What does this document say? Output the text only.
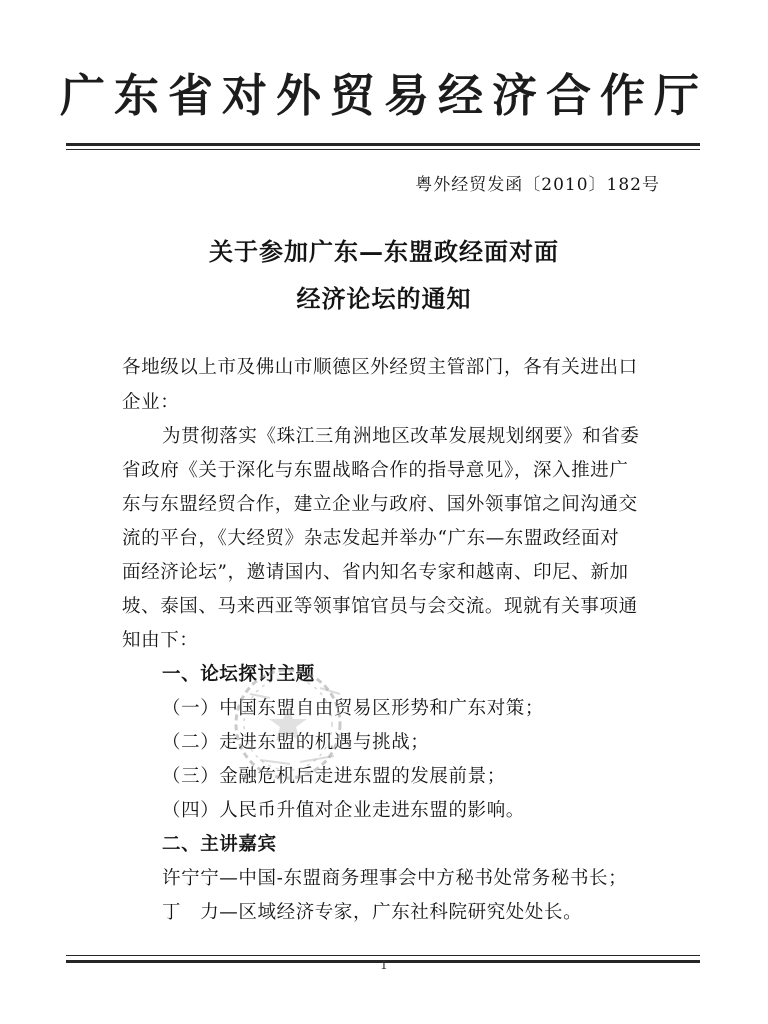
广东省对外贸易经济合作厅
粤外经贸发函〔2010〕182号
关于参加广东—东盟政经面对面
经济论坛的通知
各地级以上市及佛山市顺德区外经贸主管部门，各有关进出口
企业：
为贯彻落实《珠江三角洲地区改革发展规划纲要》和省委
省政府《关于深化与东盟战略合作的指导意见》，深入推进广
东与东盟经贸合作，建立企业与政府、国外领事馆之间沟通交
流的平台，《大经贸》杂志发起并举办“广东—东盟政经面对
面经济论坛”，邀请国内、省内知名专家和越南、印尼、新加
坡、泰国、马来西亚等领事馆官员与会交流。现就有关事项通
知由下：
一、论坛探讨主题
（一）中国东盟自由贸易区形势和广东对策；
（二）走进东盟的机遇与挑战；
（三）金融危机后走进东盟的发展前景；
（四）人民币升值对企业走进东盟的影响。
二、主讲嘉宾
许宁宁—中国-东盟商务理事会中方秘书处常务秘书长；
丁　力—区域经济专家，广东社科院研究处处长。
1
